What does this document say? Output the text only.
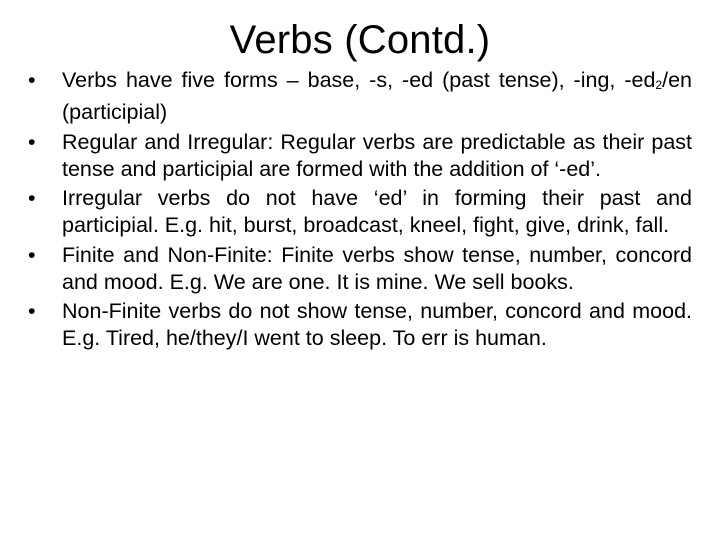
Verbs (Contd.)
•	Verbs have five forms – base, -s, -ed (past tense), -ing, -ed2/en (participial)
•	Regular and Irregular: Regular verbs are predictable as their past tense and participial are formed with the addition of ‘-ed’.
•	Irregular verbs do not have ‘ed’ in forming their past and participial. E.g. hit, burst, broadcast, kneel, fight, give, drink, fall.
•	Finite and Non-Finite: Finite verbs show tense, number, concord and mood. E.g. We are one. It is mine. We sell books.
•	Non-Finite verbs do not show tense, number, concord and mood. E.g. Tired, he/they/I went to sleep. To err is human.
